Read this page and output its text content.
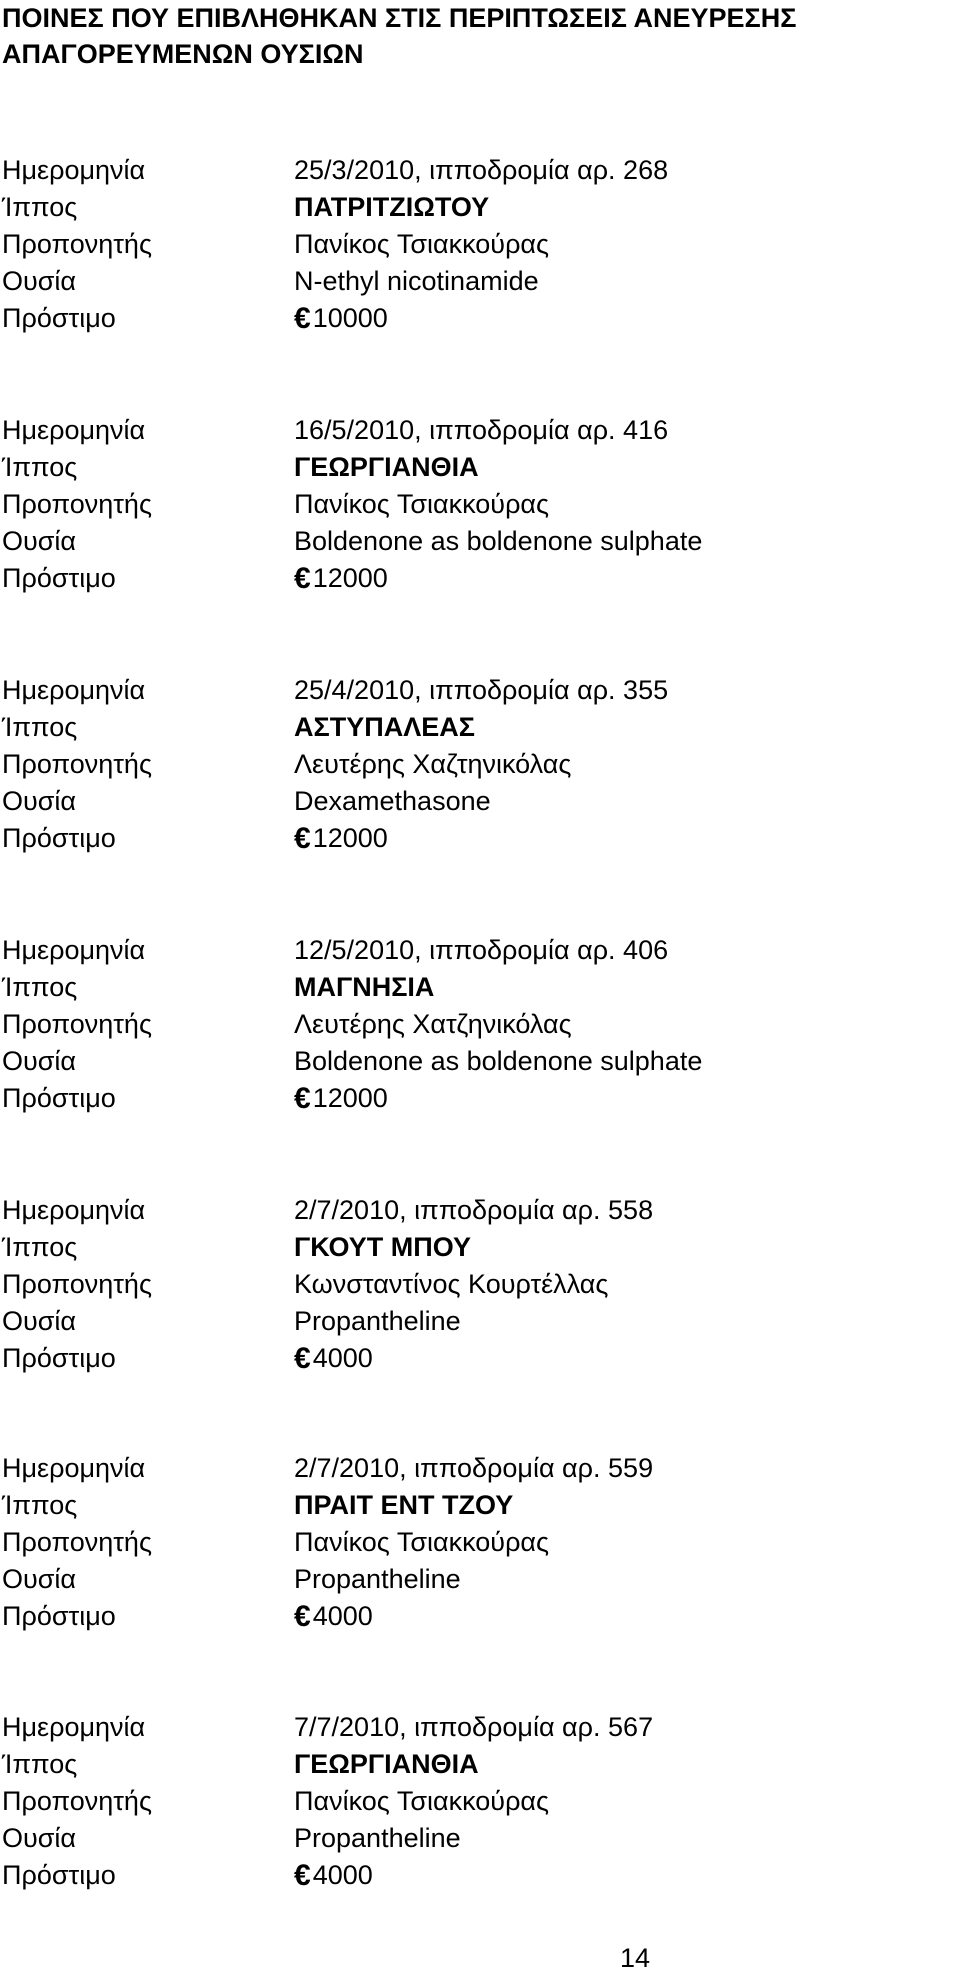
ΠΟΙΝΕΣ ΠΟΥ ΕΠΙΒΛΗΘΗΚΑΝ ΣΤΙΣ ΠΕΡΙΠΤΩΣΕΙΣ ΑΝΕΥΡΕΣΗΣ ΑΠΑΓΟΡΕΥΜΕΝΩΝ ΟΥΣΙΩΝ
Ημερομηνία	25/3/2010, ιπποδρομία αρ. 268
Ίππος	ΠΑΤΡΙΤΖΙΩΤΟΥ
Προπονητής	Πανίκος Τσιακκούρας
Ουσία	N-ethyl nicotinamide
Πρόστιμο	€ 10000
Ημερομηνία	16/5/2010, ιπποδρομία αρ. 416
Ίππος	ΓΕΩΡΓΙΑΝΘΙΑ
Προπονητής	Πανίκος Τσιακκούρας
Ουσία	Boldenone as boldenone sulphate
Πρόστιμο	€ 12000
Ημερομηνία	25/4/2010, ιπποδρομία αρ. 355
Ίππος	ΑΣΤΥΠΑΛΕΑΣ
Προπονητής	Λευτέρης Χαζτηνικόλας
Ουσία	Dexamethasone
Πρόστιμο	€ 12000
Ημερομηνία	12/5/2010, ιπποδρομία αρ. 406
Ίππος	ΜΑΓΝΗΣΙΑ
Προπονητής	Λευτέρης Χατζηνικόλας
Ουσία	Boldenone as boldenone sulphate
Πρόστιμο	€ 12000
Ημερομηνία	2/7/2010, ιπποδρομία αρ. 558
Ίππος	ΓΚΟΥΤ ΜΠΟΥ
Προπονητής	Κωνσταντίνος Κουρτέλλας
Ουσία	Propantheline
Πρόστιμο	€ 4000
Ημερομηνία	2/7/2010, ιπποδρομία αρ. 559
Ίππος	ΠΡΑΙΤ ΕΝΤ ΤΖΟΥ
Προπονητής	Πανίκος Τσιακκούρας
Ουσία	Propantheline
Πρόστιμο	€ 4000
Ημερομηνία	7/7/2010, ιπποδρομία αρ. 567
Ίππος	ΓΕΩΡΓΙΑΝΘΙΑ
Προπονητής	Πανίκος Τσιακκούρας
Ουσία	Propantheline
Πρόστιμο	€ 4000
14
